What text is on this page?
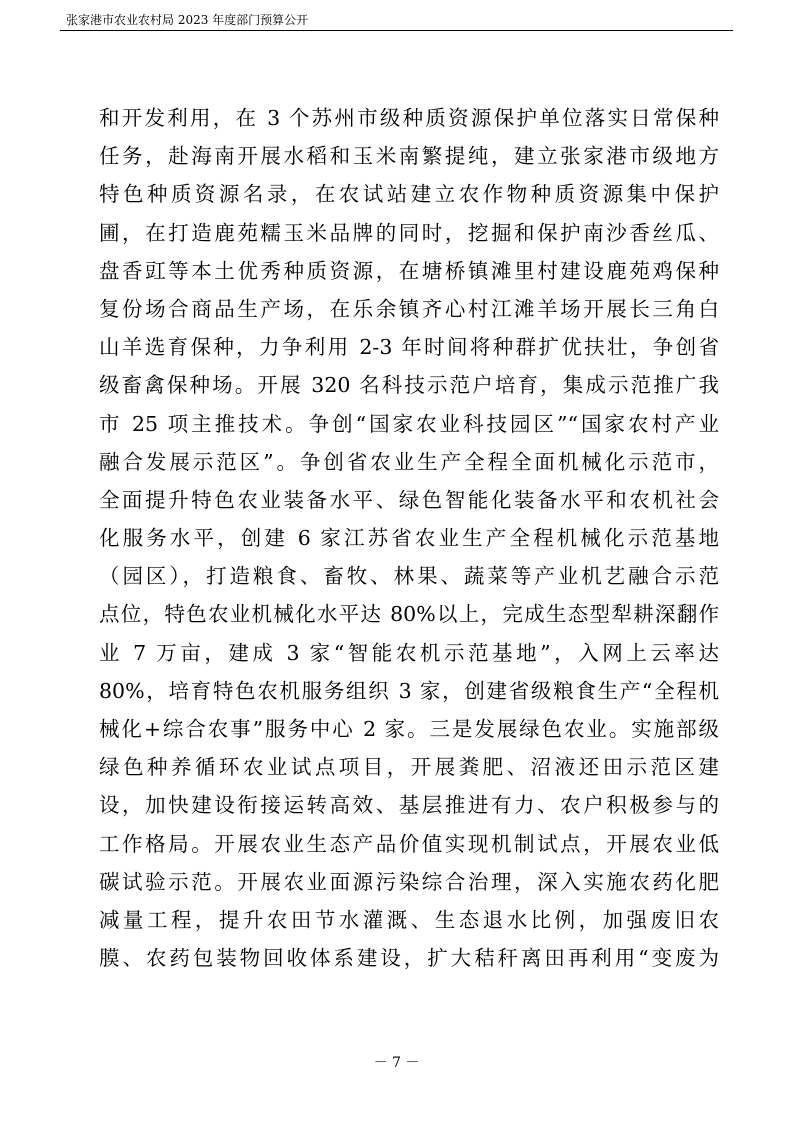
张家港市农业农村局 2023 年度部门预算公开
和开发利用，在 3 个苏州市级种质资源保护单位落实日常保种
任务，赴海南开展水稻和玉米南繁提纯，建立张家港市级地方
特色种质资源名录，在农试站建立农作物种质资源集中保护
圃，在打造鹿苑糯玉米品牌的同时，挖掘和保护南沙香丝瓜、
盘香豇等本土优秀种质资源，在塘桥镇滩里村建设鹿苑鸡保种
复份场合商品生产场，在乐余镇齐心村江滩羊场开展长三角白
山羊选育保种，力争利用 2-3 年时间将种群扩优扶壮，争创省
级畜禽保种场。开展 320 名科技示范户培育，集成示范推广我
市 25 项主推技术。争创“国家农业科技园区”“国家农村产业
融合发展示范区”。争创省农业生产全程全面机械化示范市，
全面提升特色农业装备水平、绿色智能化装备水平和农机社会
化服务水平，创建 6 家江苏省农业生产全程机械化示范基地
（园区），打造粮食、畜牧、林果、蔬菜等产业机艺融合示范
点位，特色农业机械化水平达 80%以上，完成生态型犁耕深翻作
业 7 万亩，建成 3 家“智能农机示范基地”，入网上云率达
80%，培育特色农机服务组织 3 家，创建省级粮食生产“全程机
械化+综合农事”服务中心 2 家。三是发展绿色农业。实施部级
绿色种养循环农业试点项目，开展粪肥、沼液还田示范区建
设，加快建设衔接运转高效、基层推进有力、农户积极参与的
工作格局。开展农业生态产品价值实现机制试点，开展农业低
碳试验示范。开展农业面源污染综合治理，深入实施农药化肥
减量工程，提升农田节水灌溉、生态退水比例，加强废旧农
膜、农药包装物回收体系建设，扩大秸秆离田再利用“变废为
－ 7 －
